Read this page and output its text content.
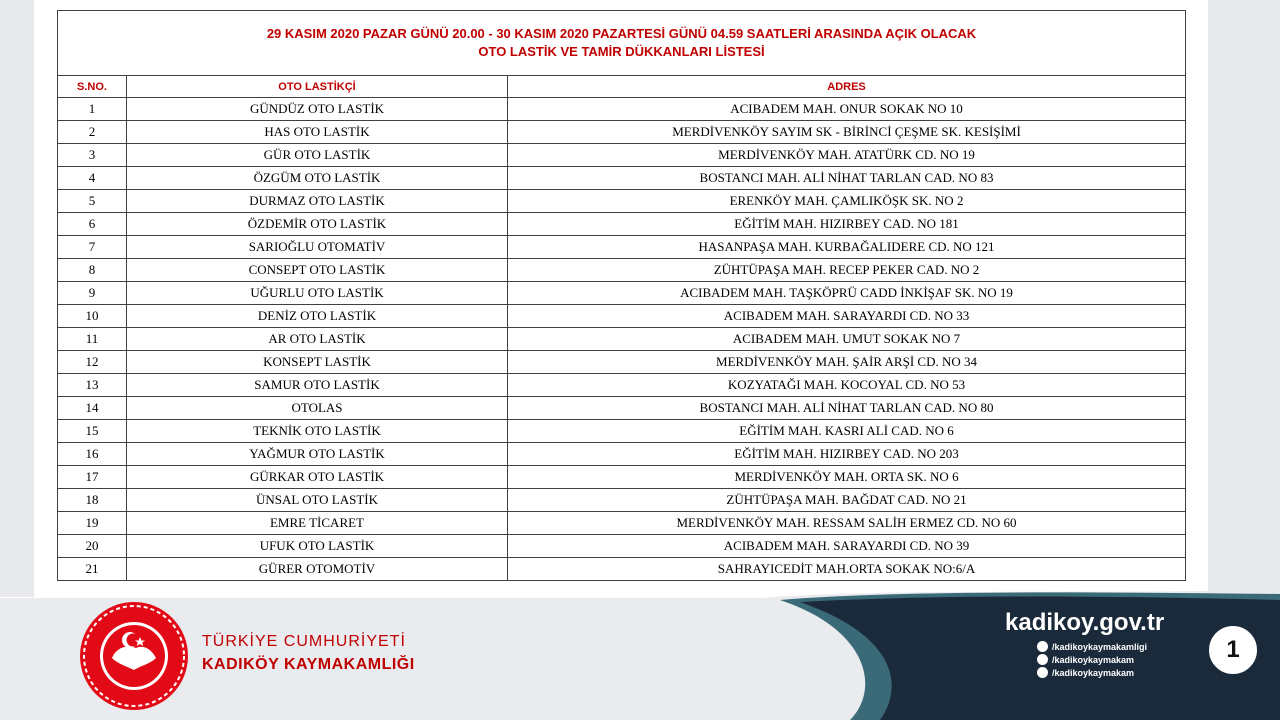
29 KASIM 2020 PAZAR GÜNÜ 20.00 - 30 KASIM 2020 PAZARTESİ GÜNÜ 04.59 SAATLERİ ARASINDA AÇIK OLACAK
OTO LASTİK VE TAMİR DÜKKANLARI LİSTESİ		

S.NO.	OTO LASTİKÇİ	ADRES
1	GÜNDÜZ OTO LASTİK	ACIBADEM MAH. ONUR SOKAK NO 10
2	HAS OTO LASTİK	MERDİVENKÖY SAYIM SK - BİRİNCİ ÇEŞME SK. KESİŞİMİ
3	GÜR OTO LASTİK	MERDİVENKÖY MAH. ATATÜRK CD. NO 19
4	ÖZGÜM OTO LASTİK	BOSTANCI MAH. ALİ NİHAT TARLAN CAD. NO 83
5	DURMAZ OTO LASTİK	ERENKÖY MAH. ÇAMLIKÖŞK SK. NO 2
6	ÖZDEMİR OTO LASTİK	EĞİTİM MAH. HIZIRBEY CAD. NO 181
7	SARIOĞLU OTOMATİV	HASANPAŞA MAH. KURBAĞALIDERE CD. NO 121
8	CONSEPT OTO LASTİK	ZÜHTÜPAŞA MAH. RECEP PEKER CAD. NO 2
9	UĞURLU OTO LASTİK	ACIBADEM MAH. TAŞKÖPRÜ CADD İNKİŞAF SK. NO 19
10	DENİZ OTO LASTİK	ACIBADEM MAH. SARAYARDI CD. NO 33
11	AR OTO LASTİK	ACIBADEM MAH. UMUT SOKAK NO 7
12	KONSEPT LASTİK	MERDİVENKÖY MAH. ŞAİR ARŞİ CD. NO 34
13	SAMUR OTO LASTİK	KOZYATAĞI MAH. KOCOYAL CD. NO 53
14	OTOLAS	BOSTANCI MAH. ALİ NİHAT TARLAN CAD. NO 80
15	TEKNİK OTO LASTİK	EĞİTİM MAH. KASRI ALİ CAD. NO 6
16	YAĞMUR OTO LASTİK	EĞİTİM MAH. HIZIRBEY CAD. NO 203
17	GÜRKAR OTO LASTİK	MERDİVENKÖY MAH. ORTA SK. NO 6
18	ÜNSAL OTO LASTİK	ZÜHTÜPAŞA MAH. BAĞDAT CAD. NO 21
19	EMRE TİCARET	MERDİVENKÖY MAH. RESSAM SALİH ERMEZ CD. NO 60
20	UFUK OTO LASTİK	ACIBADEM MAH. SARAYARDI CD. NO 39
21	GÜRER OTOMOTİV	SAHRAYICEDİT MAH.ORTA SOKAK NO:6/A
TÜRKİYE CUMHURİYETİ
KADIKÖY KAYMAKAMLIĞI
kadikoy.gov.tr
/kadikoykaymakamligi
/kadikoykaymakam
/kadikoykaymakam
1
